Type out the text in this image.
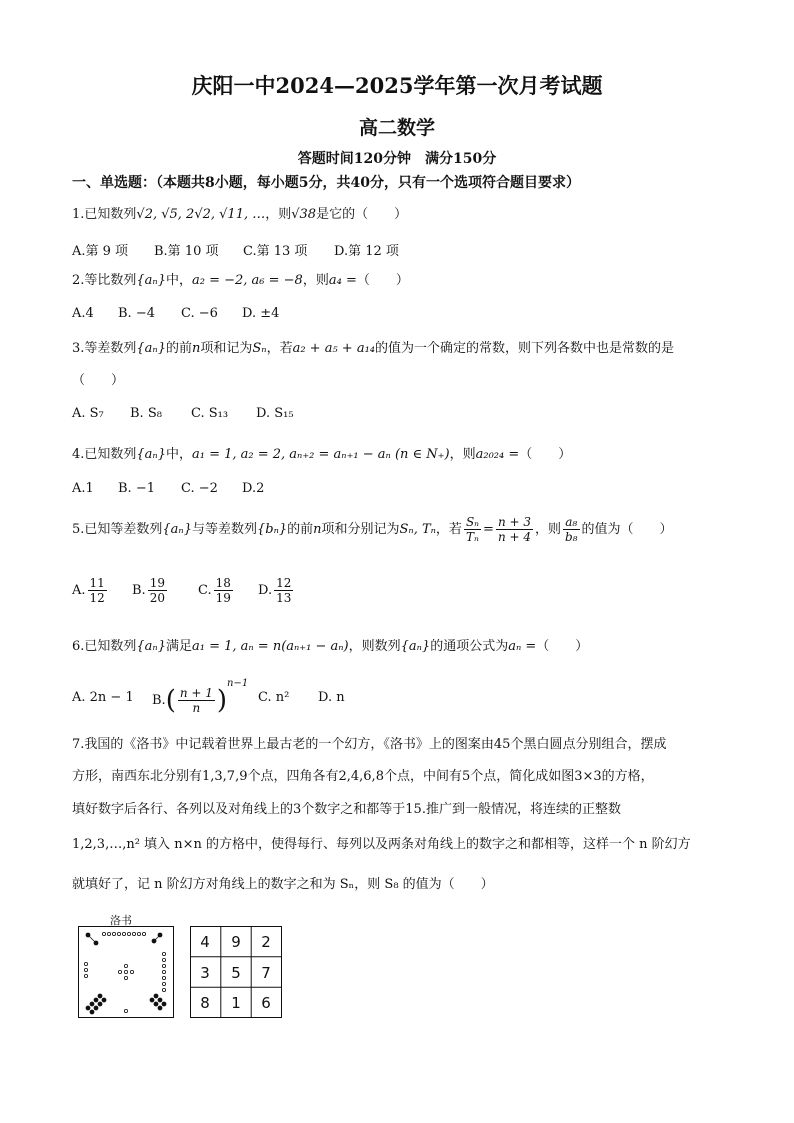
庆阳一中2024—2025学年第一次月考试题
高二数学
答题时间120分钟　满分150分
一、单选题：（本题共8小题，每小题5分，共40分，只有一个选项符合题目要求）
1.已知数列√2, √5, 2√2, √11, …，则√38是它的（　　）
A.第 9 项 B.第 10 项 C.第 13 项 D.第 12 项
2.等比数列{aₙ}中，a₂ = −2, a₆ = −8，则a₄ =（　　）
A.4 B. −4 C. −6 D. ±4
3.等差数列{aₙ}的前n项和记为Sₙ，若a₂ + a₅ + a₁₄的值为一个确定的常数，则下列各数中也是常数的是
（　　）
A. S₇ B. S₈ C. S₁₃ D. S₁₅
4.已知数列{aₙ}中，a₁ = 1, a₂ = 2, aₙ₊₂ = aₙ₊₁ − aₙ (n ∈ N₊)，则a₂₀₂₄ =（　　）
A.1 B. −1 C. −2 D.2
5.已知等差数列{aₙ}与等差数列{bₙ}的前n项和分别记为Sₙ, Tₙ，若 $\frac{\text{Sₙ}}{\text{Tₙ}} = \frac{n + 3}{n + 4}$ ，则 $\frac{\text{a₈}}{\text{b₈}}$ 的值为（　　）
A. $\frac{11}{12} B$. $\frac{19}{20} C$. $\frac{18}{19} D$. $\frac{12}{13}$
6.已知数列{aₙ}满足a₁ = 1, aₙ = n(aₙ₊₁ − aₙ)，则数列{aₙ}的通项公式为aₙ =（　　）
A. 2n − 1 $B.( \frac{n + 1}{n} )^{n-1}$
C. n² D. n
7.我国的《洛书》中记载着世界上最古老的一个幻方，《洛书》上的图案由45个黑白圆点分别组合，摆成
方形，南西东北分别有1,3,7,9个点，四角各有2,4,6,8个点，中间有5个点，简化成如图3×3的方格，
填好数字后各行、各列以及对角线上的3个数字之和都等于15.推广到一般情况，将连续的正整数
1,2,3,…,n² 填入 n×n 的方格中，使得每行、每列以及两条对角线上的数字之和都相等，这样一个 n 阶幻方
就填好了，记 n 阶幻方对角线上的数字之和为 Sₙ，则 S₈ 的值为（　　）
洛书
4 9 2
3 5 7
8 1 6
